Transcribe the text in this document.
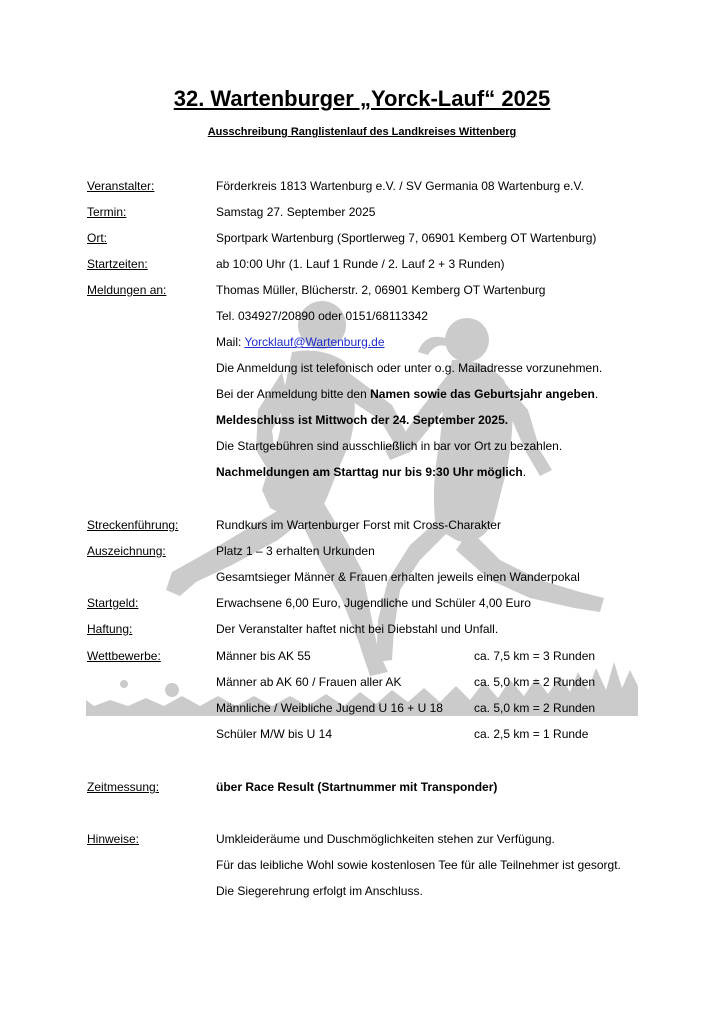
32. Wartenburger „Yorck-Lauf“ 2025
Ausschreibung Ranglistenlauf des Landkreises Wittenberg
Veranstalter:	Förderkreis 1813 Wartenburg e.V. / SV Germania 08 Wartenburg e.V.
Termin:	Samstag 27. September 2025
Ort:	Sportpark Wartenburg (Sportlerweg 7, 06901 Kemberg OT Wartenburg)
Startzeiten:	ab 10:00 Uhr (1. Lauf 1 Runde / 2. Lauf 2 + 3 Runden)
Meldungen an:	Thomas Müller, Blücherstr. 2, 06901 Kemberg OT Wartenburg
Tel. 034927/20890 oder 0151/68113342
Mail: Yorcklauf@Wartenburg.de
Die Anmeldung ist telefonisch oder unter o.g. Mailadresse vorzunehmen.
Bei der Anmeldung bitte den Namen sowie das Geburtsjahr angeben.
Meldeschluss ist Mittwoch der 24. September 2025.
Die Startgebühren sind ausschließlich in bar vor Ort zu bezahlen.
Nachmeldungen am Starttag nur bis 9:30 Uhr möglich.
Streckenführung:	Rundkurs im Wartenburger Forst mit Cross-Charakter
Auszeichnung:	Platz 1 – 3 erhalten Urkunden
Gesamtsieger Männer & Frauen erhalten jeweils einen Wanderpokal
Startgeld:	Erwachsene 6,00 Euro, Jugendliche und Schüler 4,00 Euro
Haftung:	Der Veranstalter haftet nicht bei Diebstahl und Unfall.
Wettbewerbe:	Männer bis AK 55	ca. 7,5 km = 3 Runden
Männer ab AK 60 / Frauen aller AK	ca. 5,0 km = 2 Runden
Männliche / Weibliche Jugend U 16 + U 18	ca. 5,0 km = 2 Runden
Schüler M/W bis U 14	ca. 2,5 km = 1 Runde
Zeitmessung:	über Race Result (Startnummer mit Transponder)
Hinweise:	Umkleideräume und Duschmöglichkeiten stehen zur Verfügung.
Für das leibliche Wohl sowie kostenlosen Tee für alle Teilnehmer ist gesorgt.
Die Siegerehrung erfolgt im Anschluss.
